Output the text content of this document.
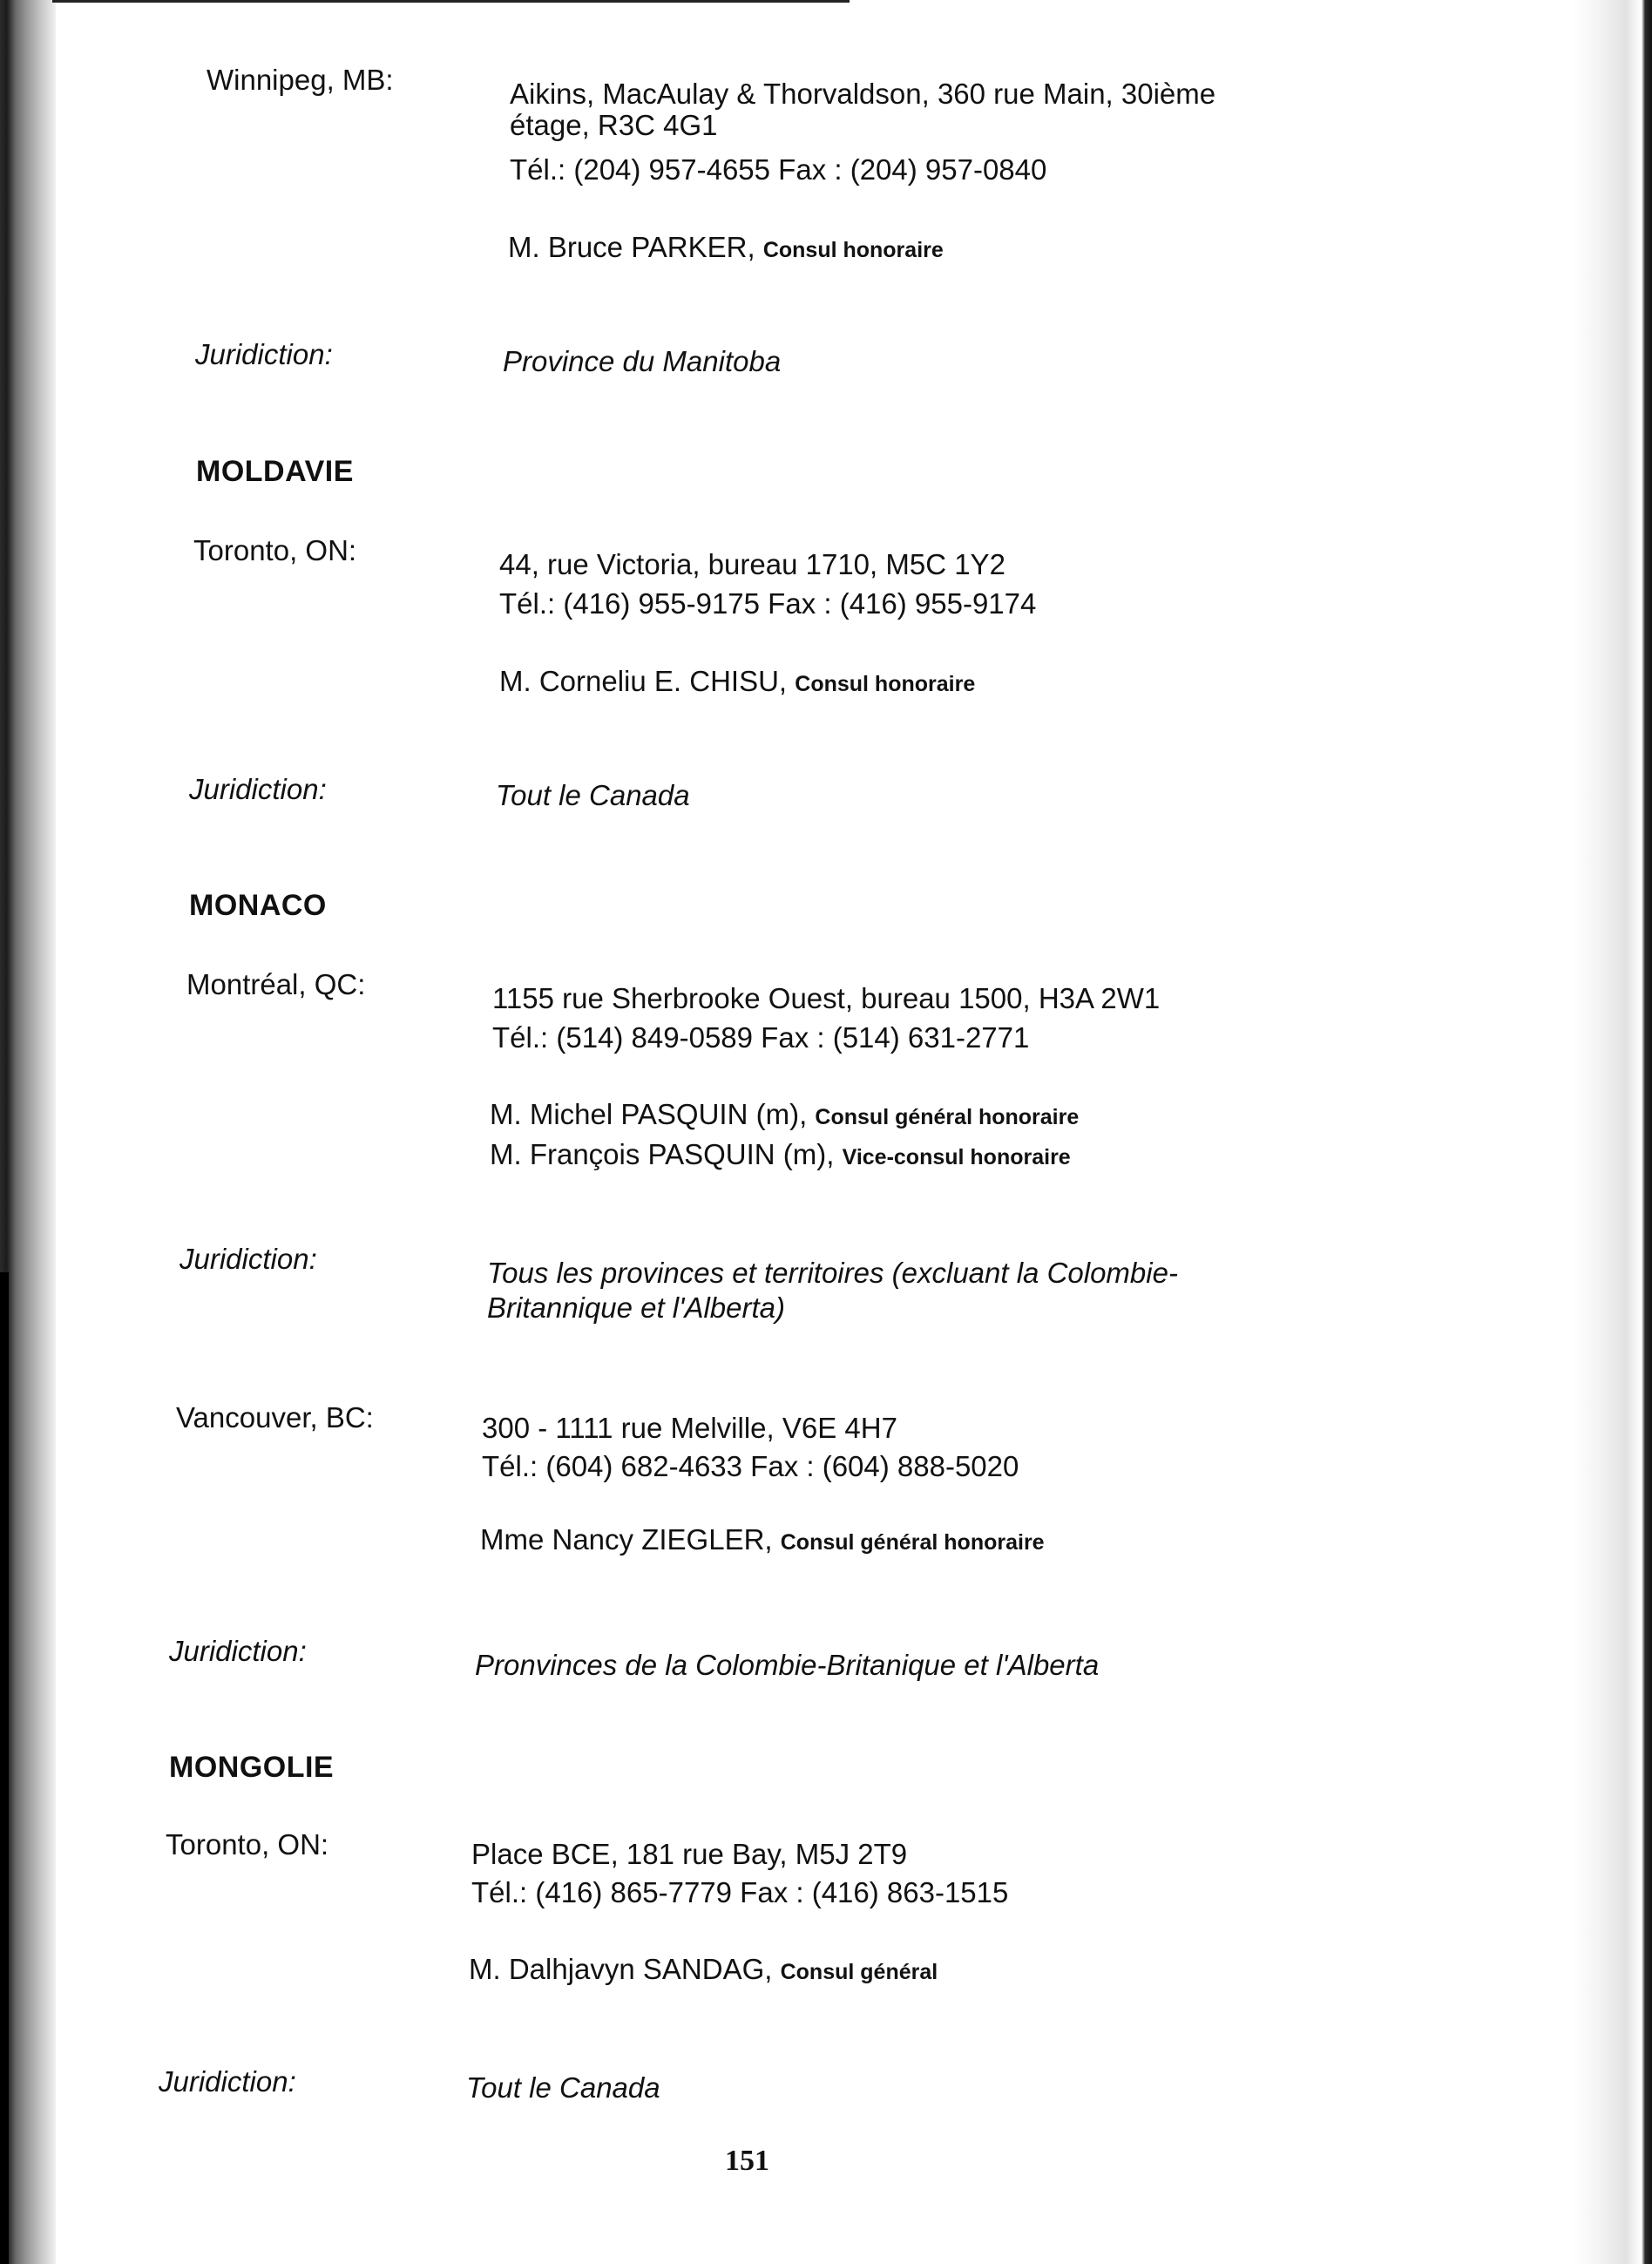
Winnipeg, MB:	Aikins, MacAulay & Thorvaldson, 360 rue Main, 30ième
étage, R3C 4G1
Tél.: (204) 957-4655 Fax : (204) 957-0840
M. Bruce PARKER, Consul honoraire
Juridiction:	Province du Manitoba
MOLDAVIE
Toronto, ON:	44, rue Victoria, bureau 1710, M5C 1Y2
Tél.: (416) 955-9175 Fax : (416) 955-9174
M. Corneliu E. CHISU, Consul honoraire
Juridiction:	Tout le Canada
MONACO
Montréal, QC:	1155 rue Sherbrooke Ouest, bureau 1500, H3A 2W1
Tél.: (514) 849-0589 Fax : (514) 631-2771
M. Michel PASQUIN (m), Consul général honoraire
M. François PASQUIN (m), Vice-consul honoraire
Juridiction:	Tous les provinces et territoires (excluant la Colombie-
Britannique et l'Alberta)
Vancouver, BC:	300 - 1111 rue Melville, V6E 4H7
Tél.: (604) 682-4633 Fax : (604) 888-5020
Mme Nancy ZIEGLER, Consul général honoraire
Juridiction:	Pronvinces de la Colombie-Britanique et l'Alberta
MONGOLIE
Toronto, ON:	Place BCE, 181 rue Bay, M5J 2T9
Tél.: (416) 865-7779 Fax : (416) 863-1515
M. Dalhjavyn SANDAG, Consul général
Juridiction:	Tout le Canada
151
